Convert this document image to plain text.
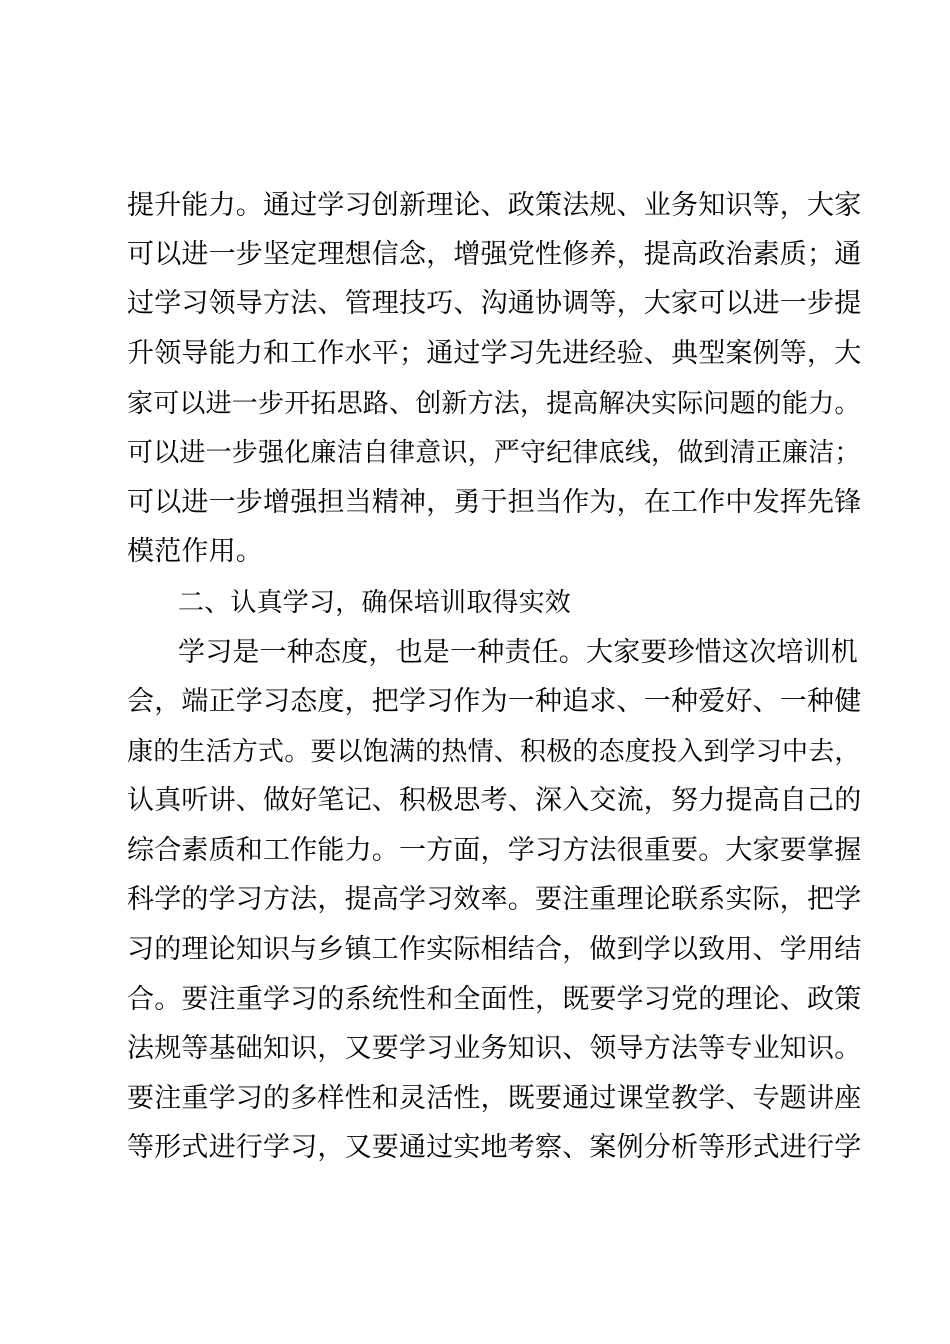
提升能力。通过学习创新理论、政策法规、业务知识等，大家
可以进一步坚定理想信念，增强党性修养，提高政治素质；通
过学习领导方法、管理技巧、沟通协调等，大家可以进一步提
升领导能力和工作水平；通过学习先进经验、典型案例等，大
家可以进一步开拓思路、创新方法，提高解决实际问题的能力。
可以进一步强化廉洁自律意识，严守纪律底线，做到清正廉洁；
可以进一步增强担当精神，勇于担当作为，在工作中发挥先锋
模范作用。
二、认真学习，确保培训取得实效
学习是一种态度，也是一种责任。大家要珍惜这次培训机
会，端正学习态度，把学习作为一种追求、一种爱好、一种健
康的生活方式。要以饱满的热情、积极的态度投入到学习中去，
认真听讲、做好笔记、积极思考、深入交流，努力提高自己的
综合素质和工作能力。一方面，学习方法很重要。大家要掌握
科学的学习方法，提高学习效率。要注重理论联系实际，把学
习的理论知识与乡镇工作实际相结合，做到学以致用、学用结
合。要注重学习的系统性和全面性，既要学习党的理论、政策
法规等基础知识，又要学习业务知识、领导方法等专业知识。
要注重学习的多样性和灵活性，既要通过课堂教学、专题讲座
等形式进行学习，又要通过实地考察、案例分析等形式进行学
